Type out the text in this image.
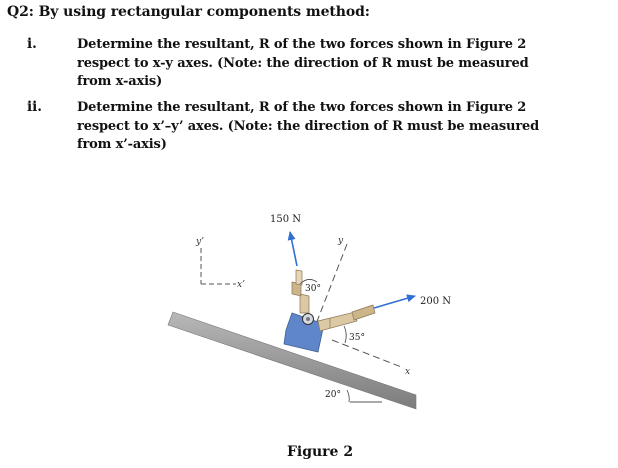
Q2: By using rectangular components method:
i.	Determine the resultant, R of the two forces shown in Figure 2
respect to x-y axes. (Note: the direction of R must be measured
from x-axis)
ii.	Determine the resultant, R of the two forces shown in Figure 2
respect to x’–y’ axes. (Note: the direction of R must be measured
from x’-axis)
y’
x’
y
x
150 N
200 N
30°
35°
20°
Figure 2
